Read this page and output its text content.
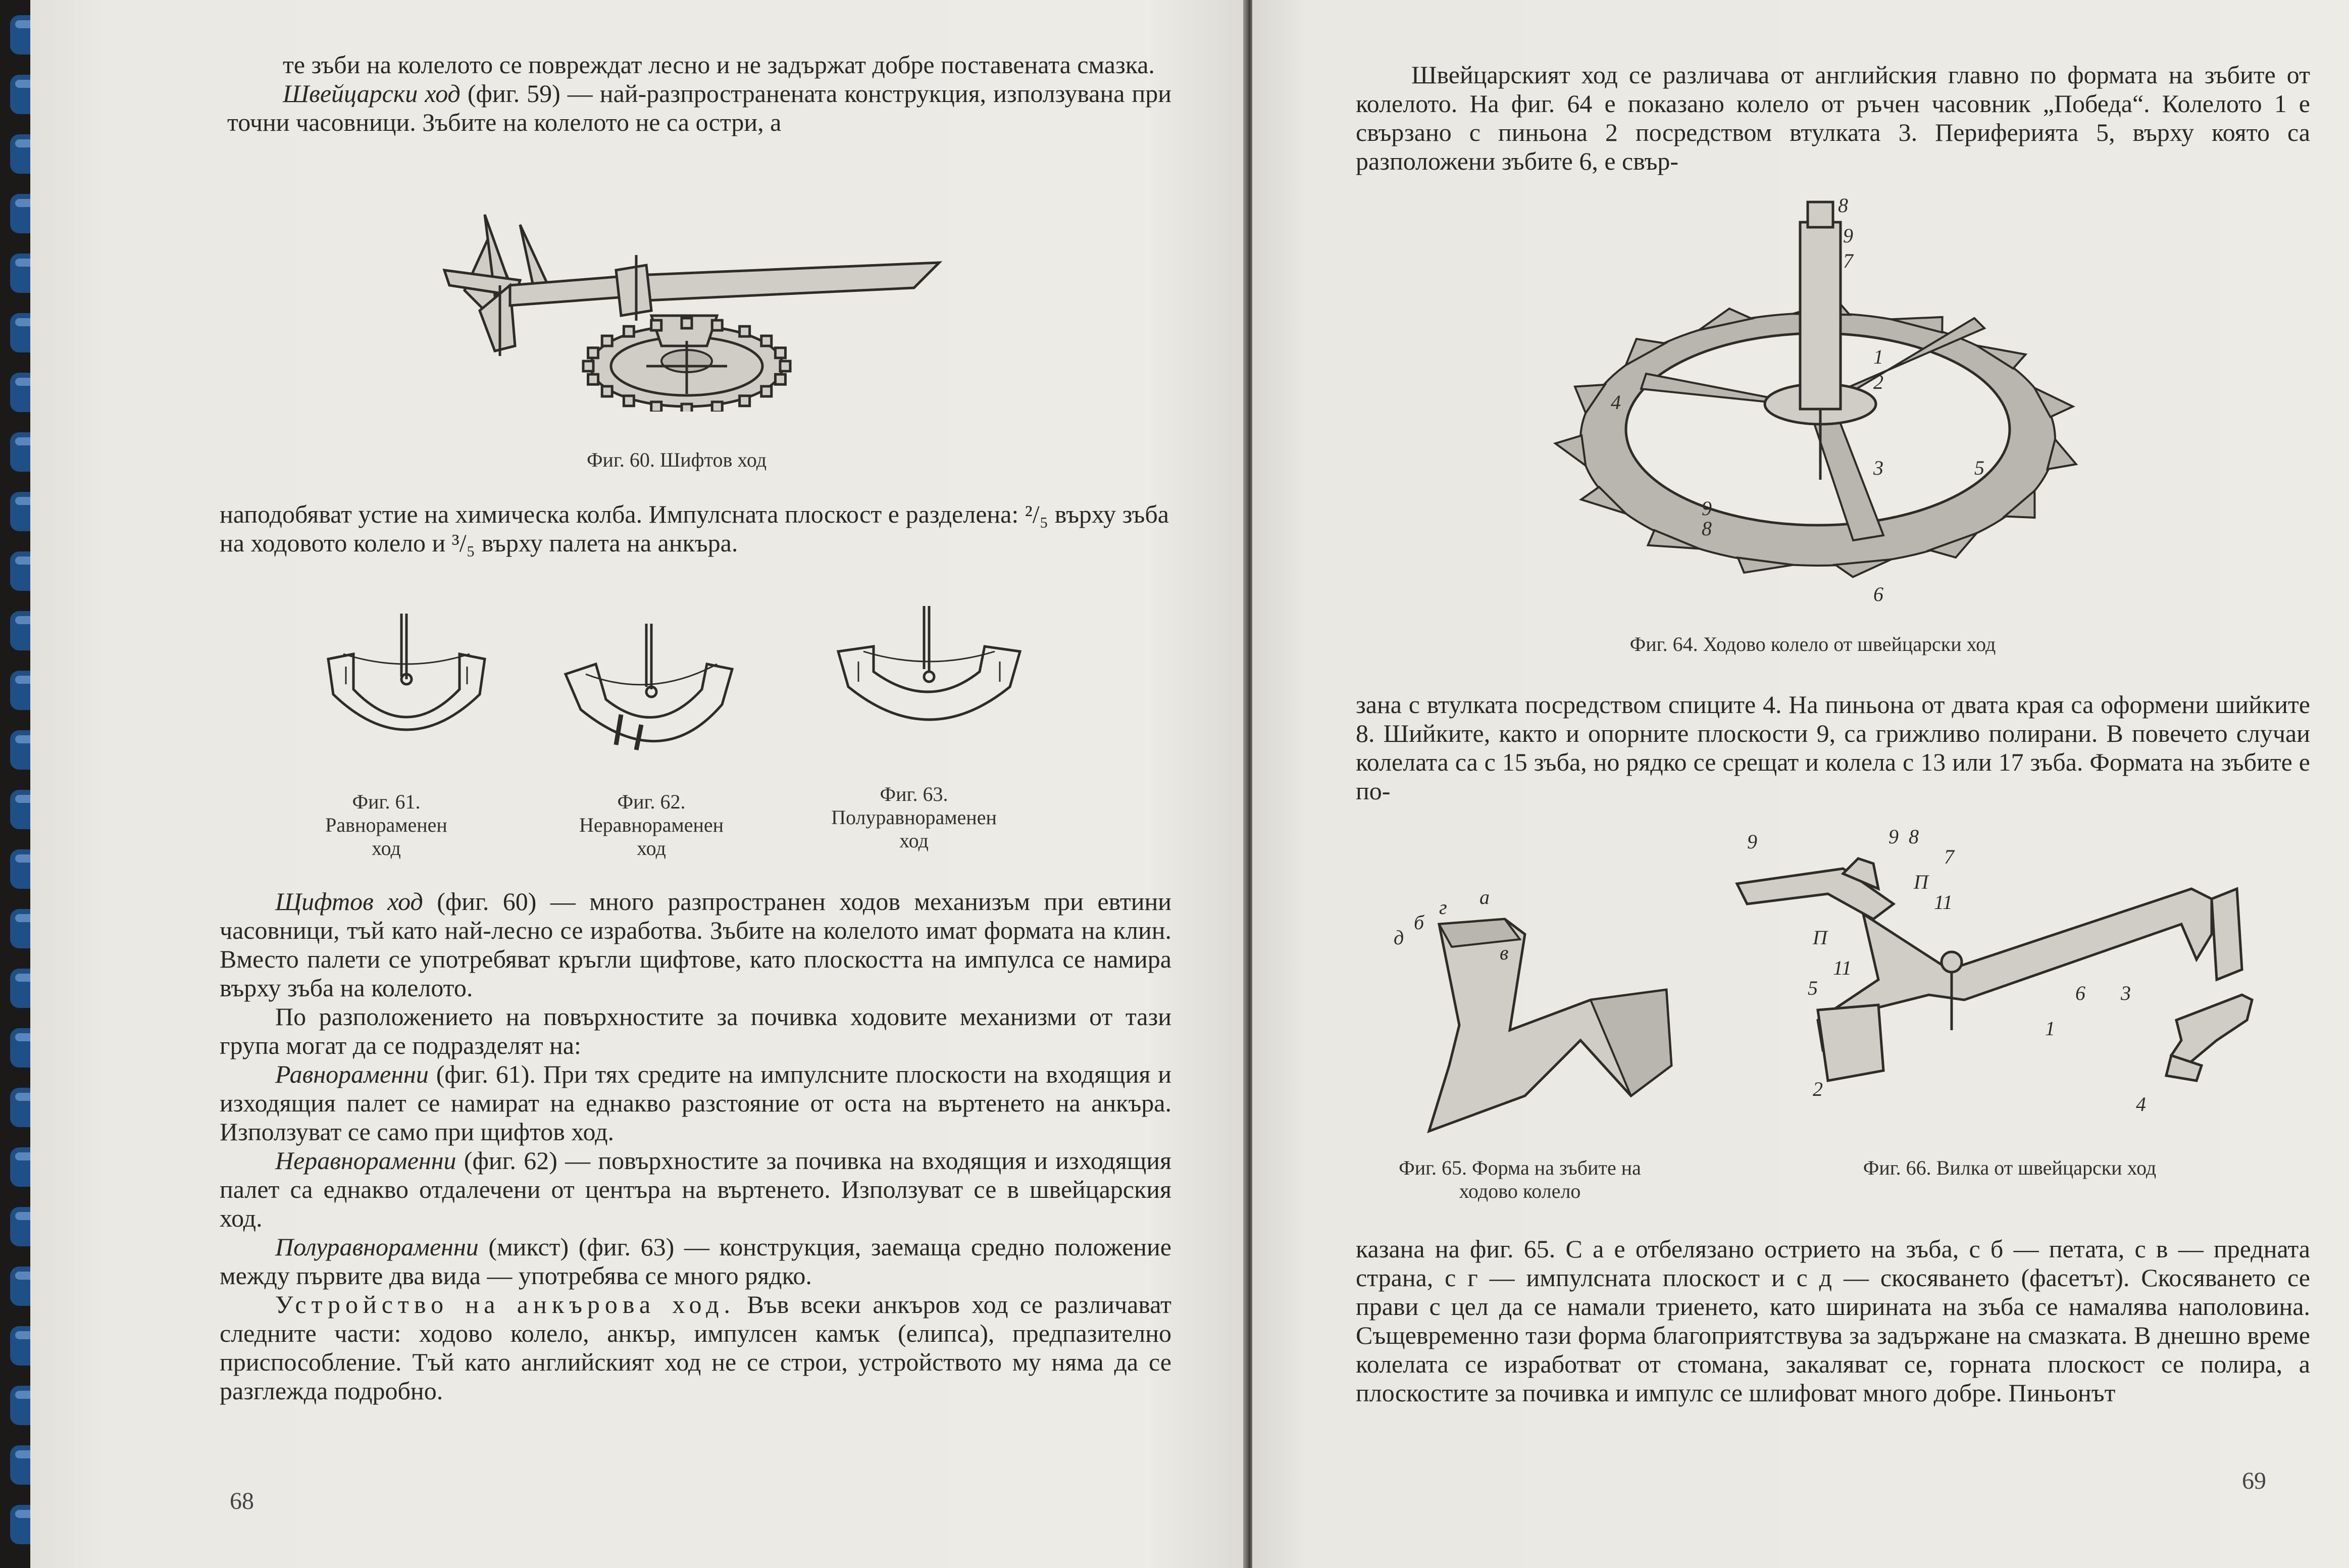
те зъби на колелото се повреждат лесно и не задържат добре поставената смазка.

Швейцарски ход (фиг. 59) — най-разпространената конструкция, използувана при точни часовници. Зъбите на колелото не са остри, а

Фиг. 60. Шифтов ход

наподобяват устие на химическа колба. Импулсната плоскост е разделена: ²/₅ върху зъба на ходовото колело и ³/₅ върху палета на анкъра.

Фиг. 61. Равнораменен ход
Фиг. 62. Неравнораменен ход
Фиг. 63. Полуравнораменен ход

Щифтов ход (фиг. 60) — много разпространен ходов механизъм при евтини часовници, тъй като най-лесно се изработва. Зъбите на колелото имат формата на клин. Вместо палети се употребяват кръгли щифтове, като плоскостта на импулса се намира върху зъба на колелото.

По разположението на повърхностите за почивка ходовите механизми от тази група могат да се подразделят на:

Равнораменни (фиг. 61). При тях средите на импулсните плоскости на входящия и изходящия палет се намират на еднакво разстояние от оста на въртенето на анкъра. Използуват се само при щифтов ход.

Неравнораменни (фиг. 62) — повърхностите за почивка на входящия и изходящия палет са еднакво отдалечени от центъра на въртенето. Използуват се в швейцарския ход.

Полуравнораменни (микст) (фиг. 63) — конструкция, заемаща средно положение между първите два вида — употребява се много рядко.

Устройство на анкърова ход. Във всеки анкъров ход се различават следните части: ходово колело, анкър, импулсен камък (елипса), предпазително приспособление. Тъй като английският ход не се строи, устройството му няма да се разглежда подробно.

68

Швейцарският ход се различава от английския главно по формата на зъбите от колелото. На фиг. 64 е показано колело от ръчен часовник „Победа“. Колелото 1 е свързано с пиньона 2 посредством втулката 3. Периферията 5, върху която са разположени зъбите 6, е свър-

8
9
7
1
2
4
3	5
9
8
6
Фиг. 64. Ходово колело от швейцарски ход

зана с втулката посредством спиците 4. На пиньона от двата края са оформени шийките 8. Шийките, както и опорните плоскости 9, са грижливо полирани. В повечето случаи колелата са с 15 зъба, но рядко се срещат и колела с 13 или 17 зъба. Формата на зъбите е по-

д
б
г а
в
Фиг. 65. Форма на зъбите на ходово колело
9	9 8
7
П
11
П
11
5	6 3
1
2
4
Фиг. 66. Вилка от швейцарски ход

казана на фиг. 65. С а е отбелязано острието на зъба, с б — петата, с в — предната страна, с г — импулсната плоскост и с д — скосяването (фасетът). Скосяването се прави с цел да се намали триенето, като ширината на зъба се намалява наполовина. Същевременно тази форма благоприятствува за задържане на смазката. В днешно време колелата се изработват от стомана, закаляват се, горната плоскост се полира, а плоскостите за почивка и импулс се шлифоват много добре. Пиньонът

69
